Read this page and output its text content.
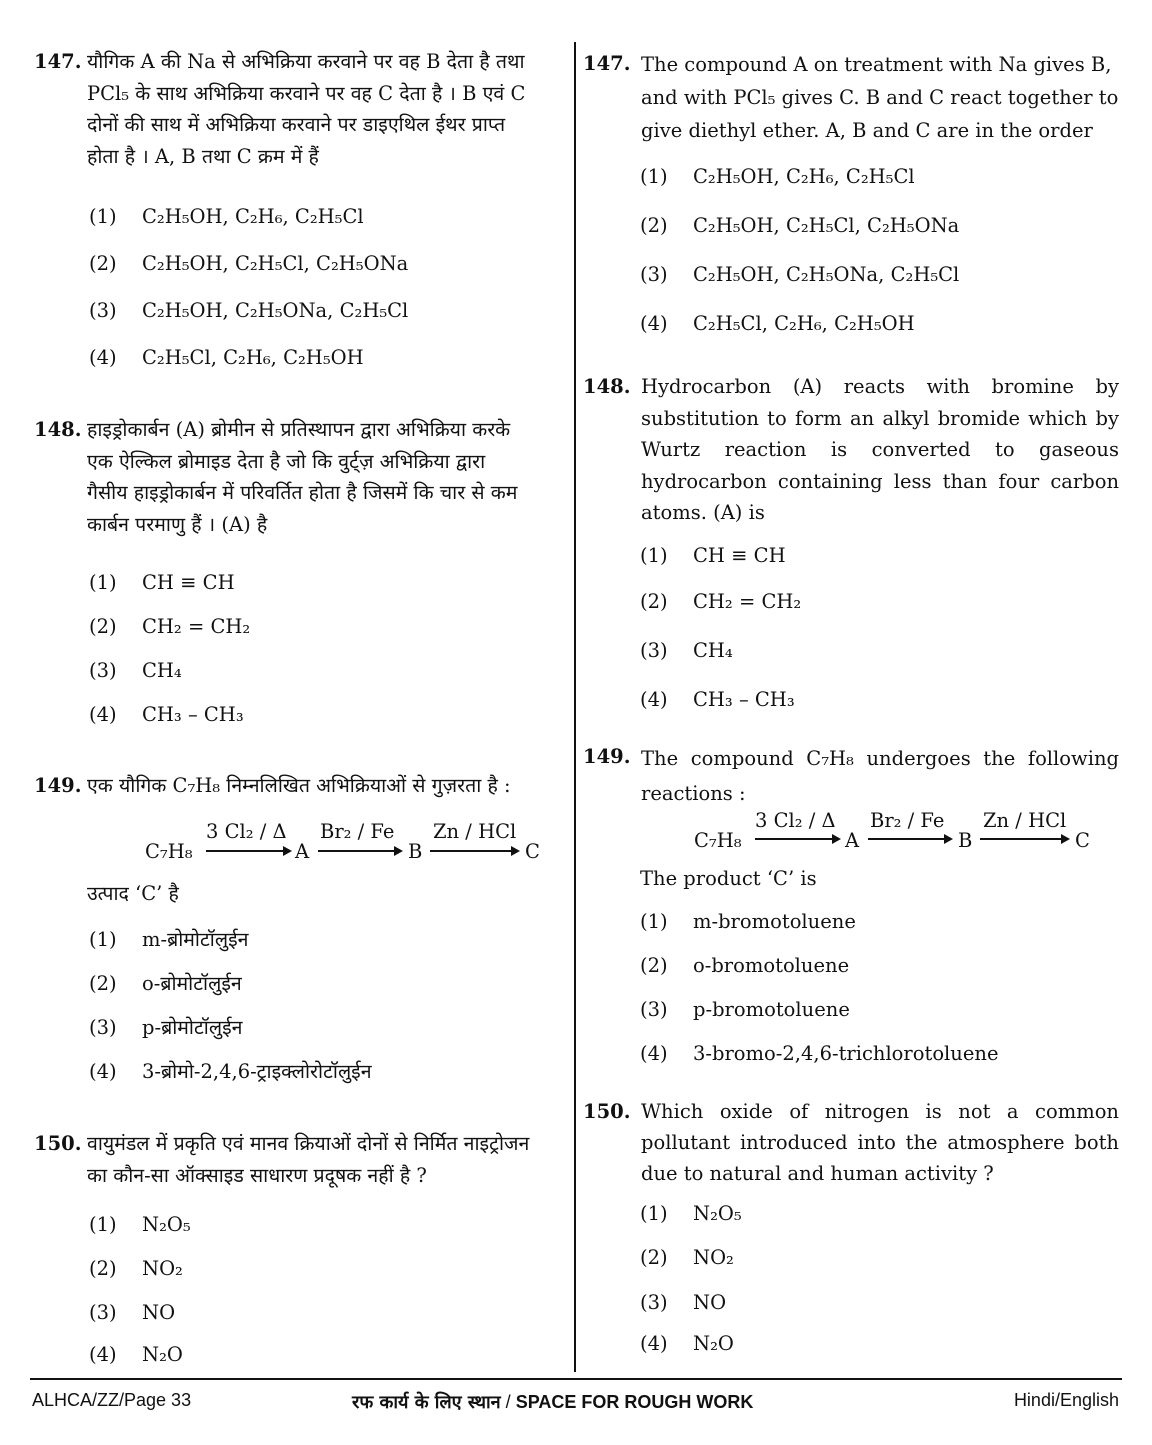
147. यौगिक A की Na से अभिक्रिया करवाने पर वह B देता है तथा
PCl₅ के साथ अभिक्रिया करवाने पर वह C देता है । B एवं C
दोनों की साथ में अभिक्रिया करवाने पर डाइएथिल ईथर प्राप्त
होता है । A, B तथा C क्रम में हैं
(1) C₂H₅OH, C₂H₆, C₂H₅Cl
(2) C₂H₅OH, C₂H₅Cl, C₂H₅ONa
(3) C₂H₅OH, C₂H₅ONa, C₂H₅Cl
(4) C₂H₅Cl, C₂H₆, C₂H₅OH
148. हाइड्रोकार्बन (A) ब्रोमीन से प्रतिस्थापन द्वारा अभिक्रिया करके
एक ऐल्किल ब्रोमाइड देता है जो कि वुर्ट्ज़ अभिक्रिया द्वारा
गैसीय हाइड्रोकार्बन में परिवर्तित होता है जिसमें कि चार से कम
कार्बन परमाणु हैं । (A) है
(1) CH ≡ CH
(2) CH₂ = CH₂
(3) CH₄
(4) CH₃ – CH₃
149. एक यौगिक C₇H₈ निम्नलिखित अभिक्रियाओं से गुज़रता है :
C₇H₈
3 Cl₂ / Δ
A
Br₂ / Fe
B
Zn / HCl
C
उत्पाद ‘C’ है
(1) m-ब्रोमोटॉलुईन
(2) o-ब्रोमोटॉलुईन
(3) p-ब्रोमोटॉलुईन
(4) 3-ब्रोमो-2,4,6-ट्राइक्लोरोटॉलुईन
150. वायुमंडल में प्रकृति एवं मानव क्रियाओं दोनों से निर्मित नाइट्रोजन
का कौन-सा ऑक्साइड साधारण प्रदूषक नहीं है ?
(1) N₂O₅
(2) NO₂
(3) NO
(4) N₂O
147. The compound A on treatment with Na gives B,
and with PCl₅ gives C. B and C react together to
give diethyl ether. A, B and C are in the order
(1) C₂H₅OH, C₂H₆, C₂H₅Cl
(2) C₂H₅OH, C₂H₅Cl, C₂H₅ONa
(3) C₂H₅OH, C₂H₅ONa, C₂H₅Cl
(4) C₂H₅Cl, C₂H₆, C₂H₅OH
148. Hydrocarbon (A) reacts with bromine by
substitution to form an alkyl bromide which by
Wurtz reaction is converted to gaseous
hydrocarbon containing less than four carbon
atoms. (A) is
(1) CH ≡ CH
(2) CH₂ = CH₂
(3) CH₄
(4) CH₃ – CH₃
149. The compound C₇H₈ undergoes the following
reactions :
C₇H₈
3 Cl₂ / Δ
A
Br₂ / Fe
B
Zn / HCl
C
The product ‘C’ is
(1) m-bromotoluene
(2) o-bromotoluene
(3) p-bromotoluene
(4) 3-bromo-2,4,6-trichlorotoluene
150. Which oxide of nitrogen is not a common
pollutant introduced into the atmosphere both
due to natural and human activity ?
(1) N₂O₅
(2) NO₂
(3) NO
(4) N₂O
ALHCA/ZZ/Page 33	रफ कार्य के लिए स्थान / SPACE FOR ROUGH WORK	Hindi/English
